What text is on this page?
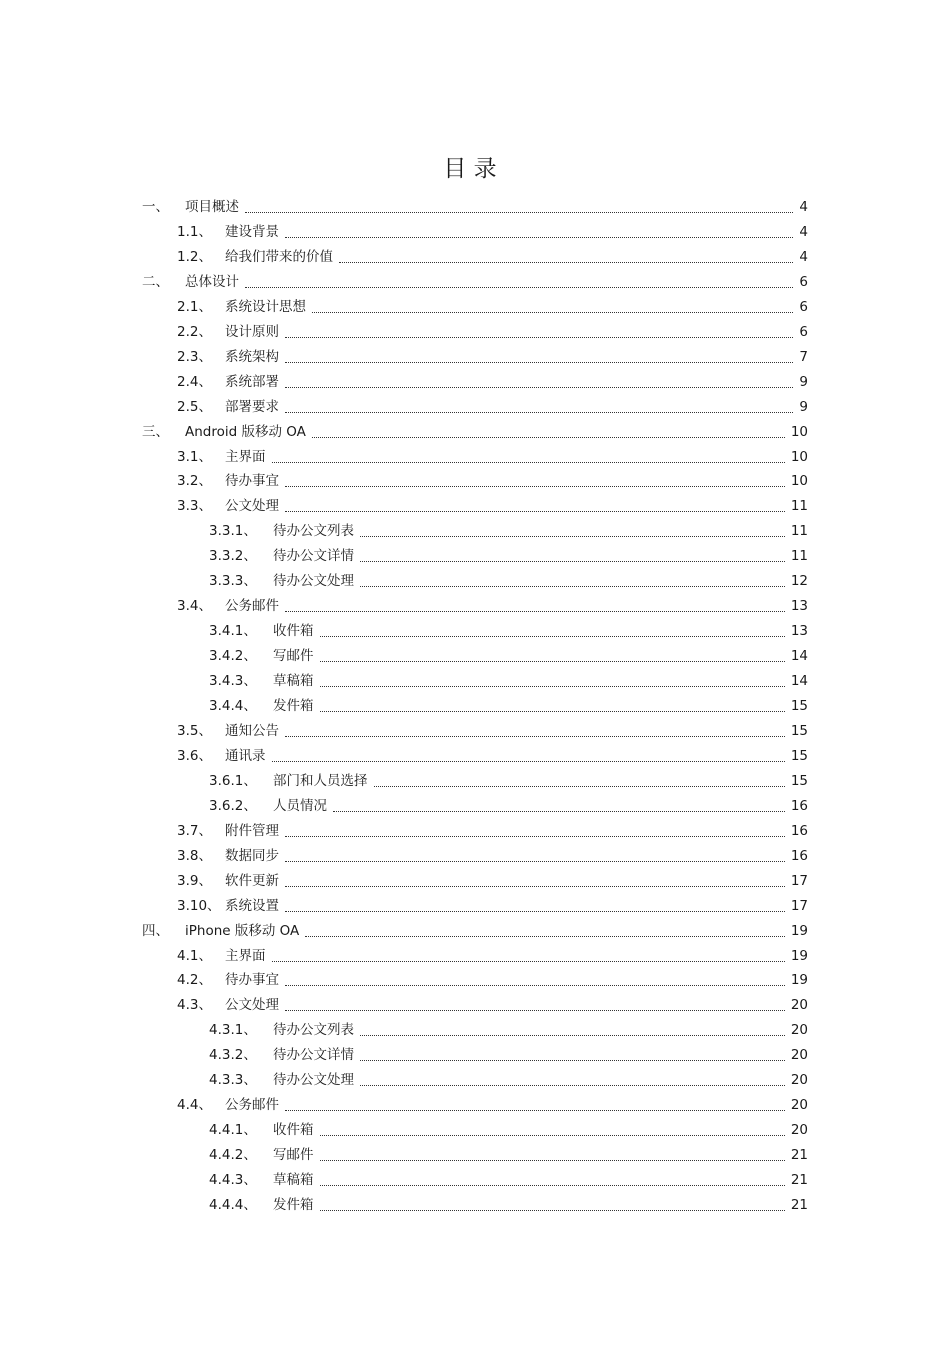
目 录
一、	项目概述	4
1.1、 建设背景	4
1.2、 给我们带来的价值	4
二、	总体设计	6
2.1、 系统设计思想	6
2.2、 设计原则	6
2.3、 系统架构	7
2.4、 系统部署	9
2.5、 部署要求	9
三、	Android 版移动 OA	10
3.1、 主界面	10
3.2、 待办事宜	10
3.3、 公文处理	11
3.3.1、	待办公文列表	11
3.3.2、	待办公文详情	11
3.3.3、	待办公文处理	12
3.4、 公务邮件	13
3.4.1、	收件箱	13
3.4.2、	写邮件	14
3.4.3、	草稿箱	14
3.4.4、	发件箱	15
3.5、 通知公告	15
3.6、 通讯录	15
3.6.1、	部门和人员选择	15
3.6.2、	人员情况	16
3.7、 附件管理	16
3.8、 数据同步	16
3.9、 软件更新	17
3.10、 系统设置	17
四、	iPhone 版移动 OA	19
4.1、 主界面	19
4.2、 待办事宜	19
4.3、 公文处理	20
4.3.1、	待办公文列表	20
4.3.2、	待办公文详情	20
4.3.3、	待办公文处理	20
4.4、 公务邮件	20
4.4.1、	收件箱	20
4.4.2、	写邮件	21
4.4.3、	草稿箱	21
4.4.4、	发件箱	21
